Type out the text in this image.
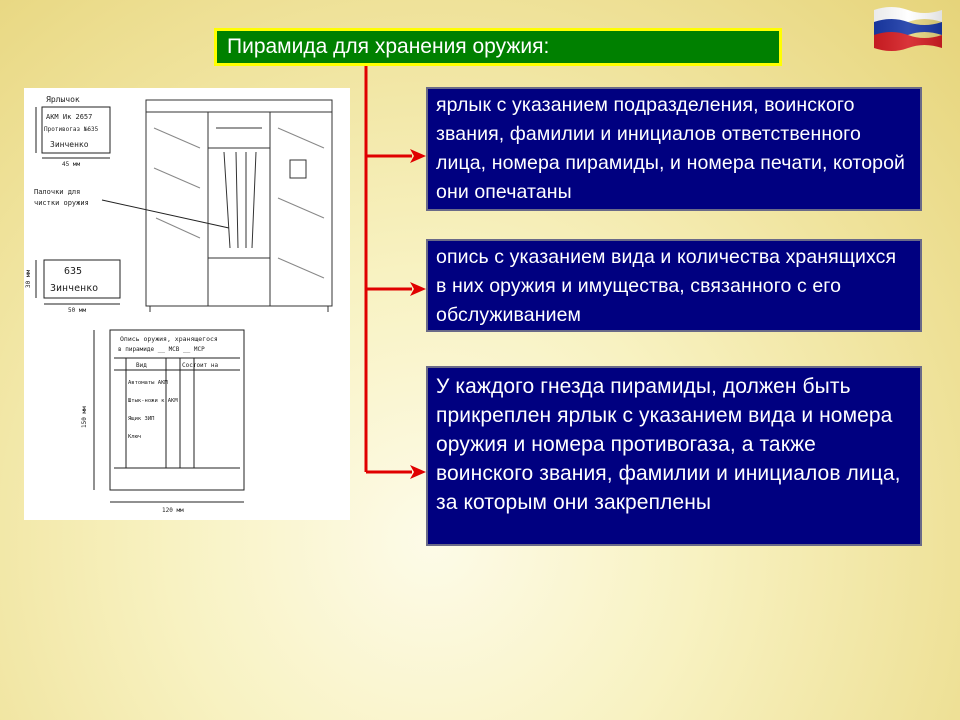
Пирамида для хранения оружия:
ярлык с указанием подразделения, воинского звания, фамилии и инициалов ответственного лица, номера пирамиды, и номера печати, которой они опечатаны
опись с указанием вида и количества хранящихся в них оружия и имущества, связанного с его обслуживанием
У каждого гнезда пирамиды, должен быть прикреплен ярлык с указанием вида и номера оружия и номера противогаза, а также воинского звания, фамилии и инициалов лица, за которым они закреплены
Ярлычок
АКМ Ик 2657
Противогаз №635
Зинченко
45 мм
Палочки для
чистки оружия
635
Зинченко
50 мм
30 мм
Опись оружия, хранящегося
в пирамиде __ МСВ __ МСР
Вид	Состоит на
Автоматы АКМ
Штык-ножи к АКМ
Ящик ЗИП
Ключ
150 мм
120 мм
